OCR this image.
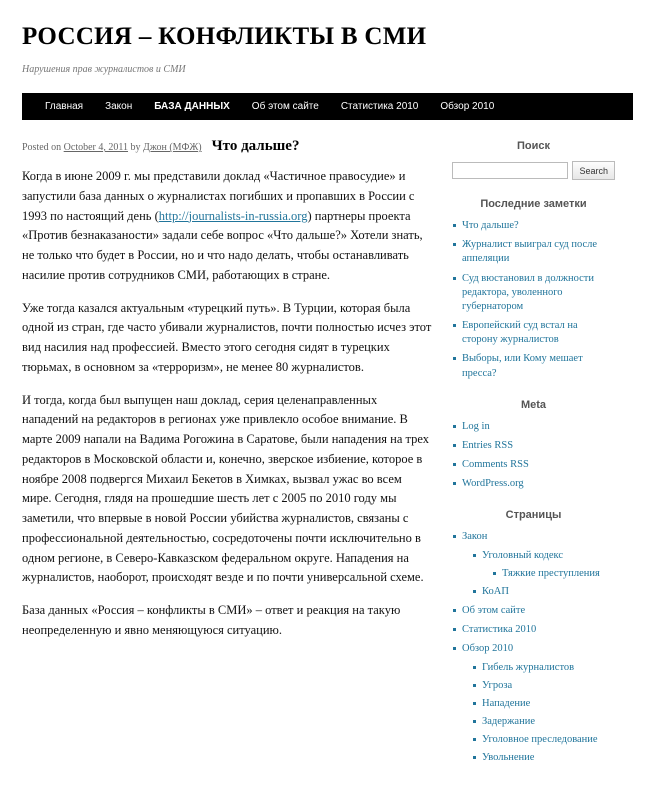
РОССИЯ – КОНФЛИКТЫ В СМИ

Нарушения прав журналистов и СМИ

Главная	Закон	БАЗА ДАННЫХ	Об этом сайте	Статистика 2010	Обзор 2010
Posted on October 4, 2011 by Джон (МФЖ) Что дальше?

Когда в июне 2009 г. мы представили доклад «Частичное правосудие» и запустили база данных о журналистах погибших и пропавших в России с 1993 по настоящий день (http://journalists-in-russia.org) партнеры проекта «Против безнаказаности» задали себе вопрос «Что дальше?» Хотели знать, не только что будет в России, но и что надо делать, чтобы останавливать насилие против сотрудников СМИ, работающих в стране.

Уже тогда казался актуальным «турецкий путь». В Турции, которая была одной из стран, где часто убивали журналистов, почти полностью исчез этот вид насилия над профессией. Вместо этого сегодня сидят в турецких тюрьмах, в основном за «терроризм», не менее 80 журналистов.

И тогда, когда был выпущен наш доклад, серия целенаправленных нападений на редакторов в регионах уже привлекло особое внимание. В марте 2009 напали на Вадима Рогожина в Саратове, были нападения на трех редакторов в Московской области и, конечно, зверское избиение, которое в ноябре 2008 подвергся Михаил Бекетов в Химках, вызвал ужас во всем мире. Сегодня, глядя на прошедшие шесть лет с 2005 по 2010 году мы заметили, что впервые в новой России убийства журналистов, связаны с профессиональной деятельностью, сосредоточены почти исключительно в одном регионе, в Северо-Кавказском федеральном округе. Нападения на журналистов, наоборот, происходят везде и по почти универсальной схеме.

База данных «Россия – конфликты в СМИ» – ответ и реакция на такую неопределенную и явно меняющуюся ситуацию.

Поиск
Search
Последние заметки
Что дальше?
Журналист выиграл суд после аппеляции
Суд вюстановил в должности редактора, уволенного губернатором
Европейский суд встал на сторону журналистов
Выборы, или Кому мешает пресса?
Meta
Log in
Entries RSS
Comments RSS
WordPress.org
Страницы
Закон
Уголовный кодекс
Тяжкие преступления
КоАП
Об этом сайте
Статистика 2010
Обзор 2010
Гибель журналистов
Угроза
Нападение
Задержание
Уголовное преследование
Увольнение
